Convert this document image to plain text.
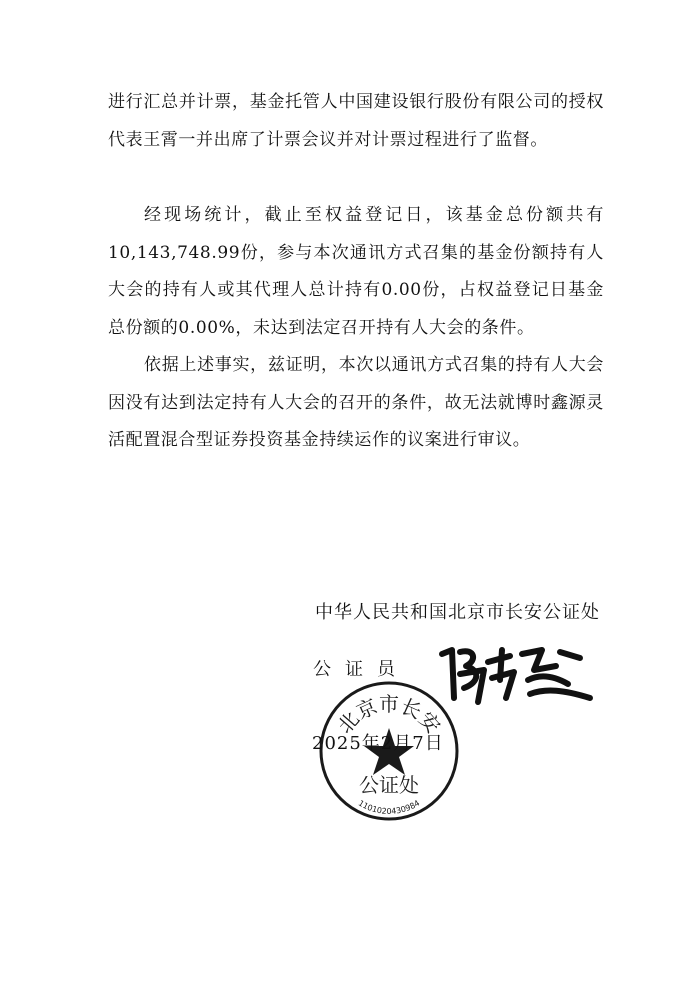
进行汇总并计票，基金托管人中国建设银行股份有限公司的授权代表王霄一并出席了计票会议并对计票过程进行了监督。

经现场统计，截止至权益登记日，该基金总份额共有10,143,748.99份，参与本次通讯方式召集的基金份额持有人大会的持有人或其代理人总计持有0.00份，占权益登记日基金总份额的0.00%，未达到法定召开持有人大会的条件。

依据上述事实，兹证明，本次以通讯方式召集的持有人大会因没有达到法定持有人大会的召开的条件，故无法就博时鑫源灵活配置混合型证券投资基金持续运作的议案进行审议。

中华人民共和国北京市长安公证处
公证员
北京市长安
公证处
1101020430984
2025年2月7日
